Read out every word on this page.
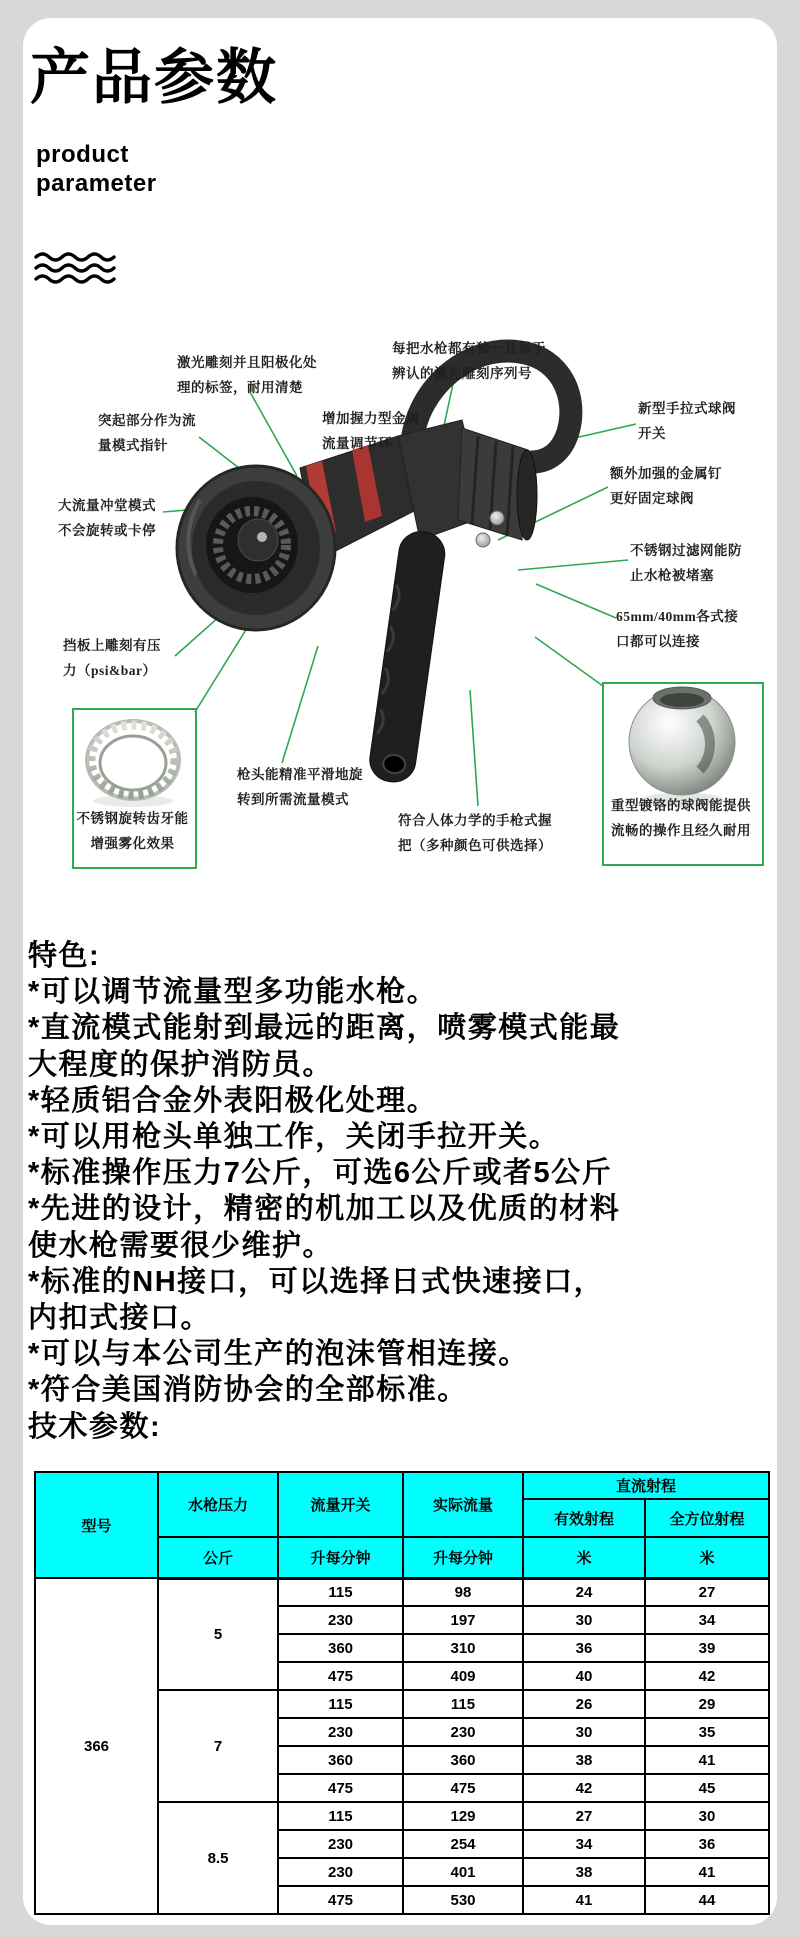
产品参数
product
parameter
激光雕刻并且阳极化处理的标签，耐用清楚
每把水枪都有独一且易于辨认的激光雕刻序列号
增加握力型金属流量调节环
新型手拉式球阀开关
突起部分作为流量模式指针
额外加强的金属钉更好固定球阀
大流量冲堂模式不会旋转或卡停
不锈钢过滤网能防止水枪被堵塞
65mm/40mm各式接口都可以连接
挡板上雕刻有压力（psi&bar）
枪头能精准平滑地旋转到所需流量模式
符合人体力学的手枪式握把（多种颜色可供选择）
不锈钢旋转齿牙能增强雾化效果
重型镀铬的球阀能提供流畅的操作且经久耐用
特色:
*可以调节流量型多功能水枪。
*直流模式能射到最远的距离，喷雾模式能最
大程度的保护消防员。
*轻质铝合金外表阳极化处理。
*可以用枪头单独工作，关闭手拉开关。
*标准操作压力7公斤，可选6公斤或者5公斤
*先进的设计，精密的机加工以及优质的材料
使水枪需要很少维护。
*标准的NH接口，可以选择日式快速接口，
内扣式接口。
*可以与本公司生产的泡沫管相连接。
*符合美国消防协会的全部标准。
技术参数:
型号	水枪压力	流量开关	实际流量	直流射程	
				有效射程	全方位射程
	公斤	升每分钟	升每分钟	米	米
366	5	115	98	24	27
		230	197	30	34
		360	310	36	39
		475	409	40	42
	7	115	115	26	29
		230	230	30	35
		360	360	38	41
		475	475	42	45
	8.5	115	129	27	30
		230	254	34	36
		230	401	38	41
		475	530	41	44
